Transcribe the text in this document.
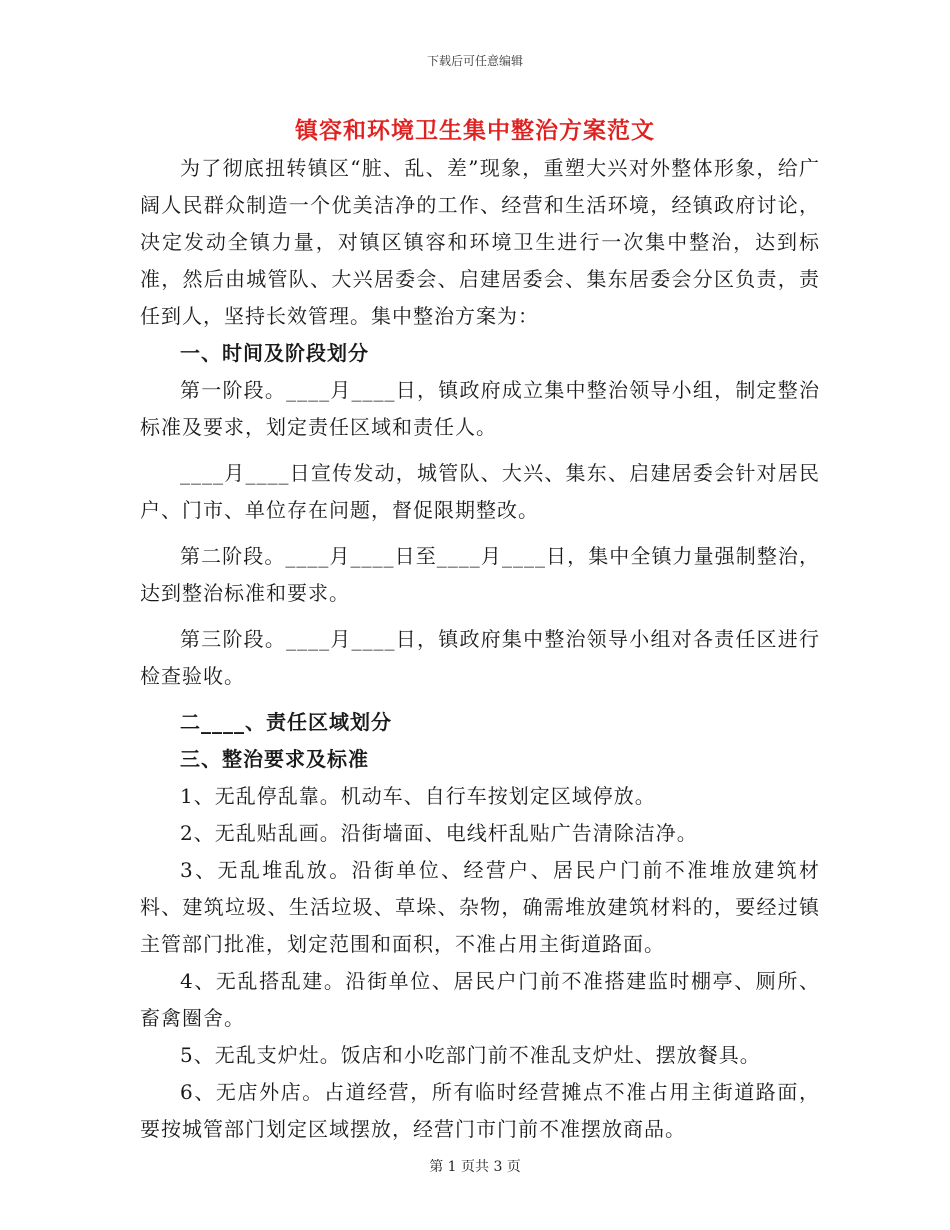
下载后可任意编辑
镇容和环境卫生集中整治方案范文

为了彻底扭转镇区“脏、乱、差”现象，重塑大兴对外整体形象，给广阔人民群众制造一个优美洁净的工作、经营和生活环境，经镇政府讨论，决定发动全镇力量，对镇区镇容和环境卫生进行一次集中整治，达到标准，然后由城管队、大兴居委会、启建居委会、集东居委会分区负责，责任到人，坚持长效管理。集中整治方案为：

一、时间及阶段划分

第一阶段。____月____日，镇政府成立集中整治领导小组，制定整治标准及要求，划定责任区域和责任人。

____月____日宣传发动，城管队、大兴、集东、启建居委会针对居民户、门市、单位存在问题，督促限期整改。

第二阶段。____月____日至____月____日，集中全镇力量强制整治，达到整治标准和要求。

第三阶段。____月____日，镇政府集中整治领导小组对各责任区进行检查验收。

二____、责任区域划分

三、整治要求及标准

1、无乱停乱靠。机动车、自行车按划定区域停放。

2、无乱贴乱画。沿街墙面、电线杆乱贴广告清除洁净。

3、无乱堆乱放。沿街单位、经营户、居民户门前不准堆放建筑材料、建筑垃圾、生活垃圾、草垛、杂物，确需堆放建筑材料的，要经过镇主管部门批准，划定范围和面积，不准占用主街道路面。

4、无乱搭乱建。沿街单位、居民户门前不准搭建监时棚亭、厕所、畜禽圈舍。

5、无乱支炉灶。饭店和小吃部门前不准乱支炉灶、摆放餐具。

6、无店外店。占道经营，所有临时经营摊点不准占用主街道路面，要按城管部门划定区域摆放，经营门市门前不准摆放商品。

第 1 页共 3 页
